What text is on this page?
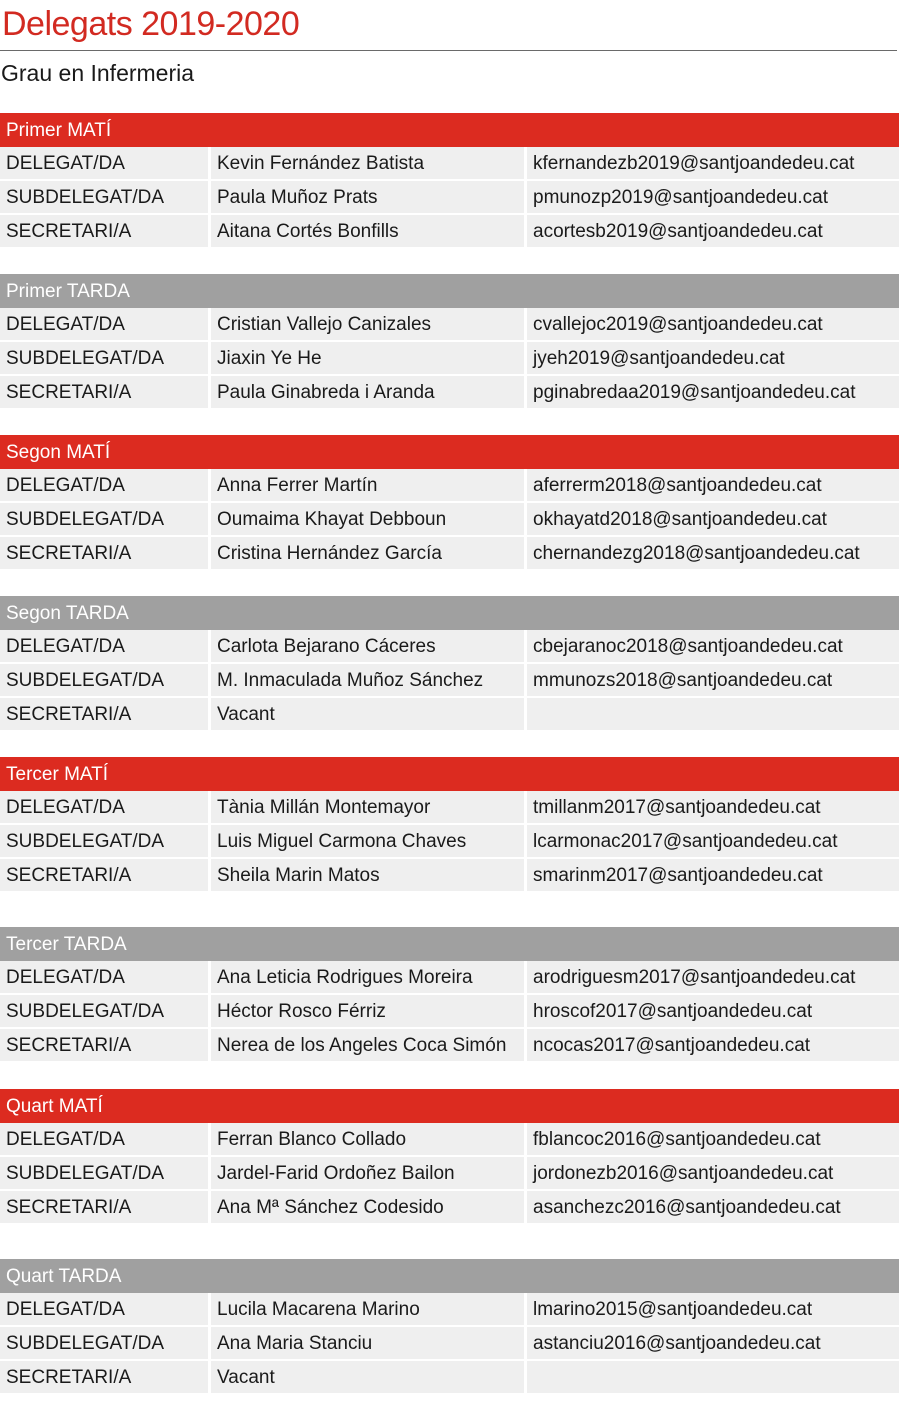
Delegats 2019-2020
Grau en Infermeria
Primer MATÍ
DELEGAT/DA	Kevin Fernández Batista	kfernandezb2019@santjoandedeu.cat
SUBDELEGAT/DA	Paula Muñoz Prats	pmunozp2019@santjoandedeu.cat
SECRETARI/A	Aitana Cortés Bonfills	acortesb2019@santjoandedeu.cat
Primer TARDA
DELEGAT/DA	Cristian Vallejo Canizales	cvallejoc2019@santjoandedeu.cat
SUBDELEGAT/DA	Jiaxin Ye He	jyeh2019@santjoandedeu.cat
SECRETARI/A	Paula Ginabreda i Aranda	pginabredaa2019@santjoandedeu.cat
Segon MATÍ
DELEGAT/DA	Anna Ferrer Martín	aferrerm2018@santjoandedeu.cat
SUBDELEGAT/DA	Oumaima Khayat Debboun	okhayatd2018@santjoandedeu.cat
SECRETARI/A	Cristina Hernández García	chernandezg2018@santjoandedeu.cat
Segon TARDA
DELEGAT/DA	Carlota Bejarano Cáceres	cbejaranoc2018@santjoandedeu.cat
SUBDELEGAT/DA	M. Inmaculada Muñoz Sánchez	mmunozs2018@santjoandedeu.cat
SECRETARI/A	Vacant
Tercer MATÍ
DELEGAT/DA	Tània Millán Montemayor	tmillanm2017@santjoandedeu.cat
SUBDELEGAT/DA	Luis Miguel Carmona Chaves	lcarmonac2017@santjoandedeu.cat
SECRETARI/A	Sheila Marin Matos	smarinm2017@santjoandedeu.cat
Tercer TARDA
DELEGAT/DA	Ana Leticia Rodrigues Moreira	arodriguesm2017@santjoandedeu.cat
SUBDELEGAT/DA	Héctor Rosco Férriz	hroscof2017@santjoandedeu.cat
SECRETARI/A	Nerea de los Angeles Coca Simón	ncocas2017@santjoandedeu.cat
Quart MATÍ
DELEGAT/DA	Ferran Blanco Collado	fblancoc2016@santjoandedeu.cat
SUBDELEGAT/DA	Jardel-Farid Ordoñez Bailon	jordonezb2016@santjoandedeu.cat
SECRETARI/A	Ana Mª Sánchez Codesido	asanchezc2016@santjoandedeu.cat
Quart TARDA
DELEGAT/DA	Lucila Macarena Marino	lmarino2015@santjoandedeu.cat
SUBDELEGAT/DA	Ana Maria Stanciu	astanciu2016@santjoandedeu.cat
SECRETARI/A	Vacant
